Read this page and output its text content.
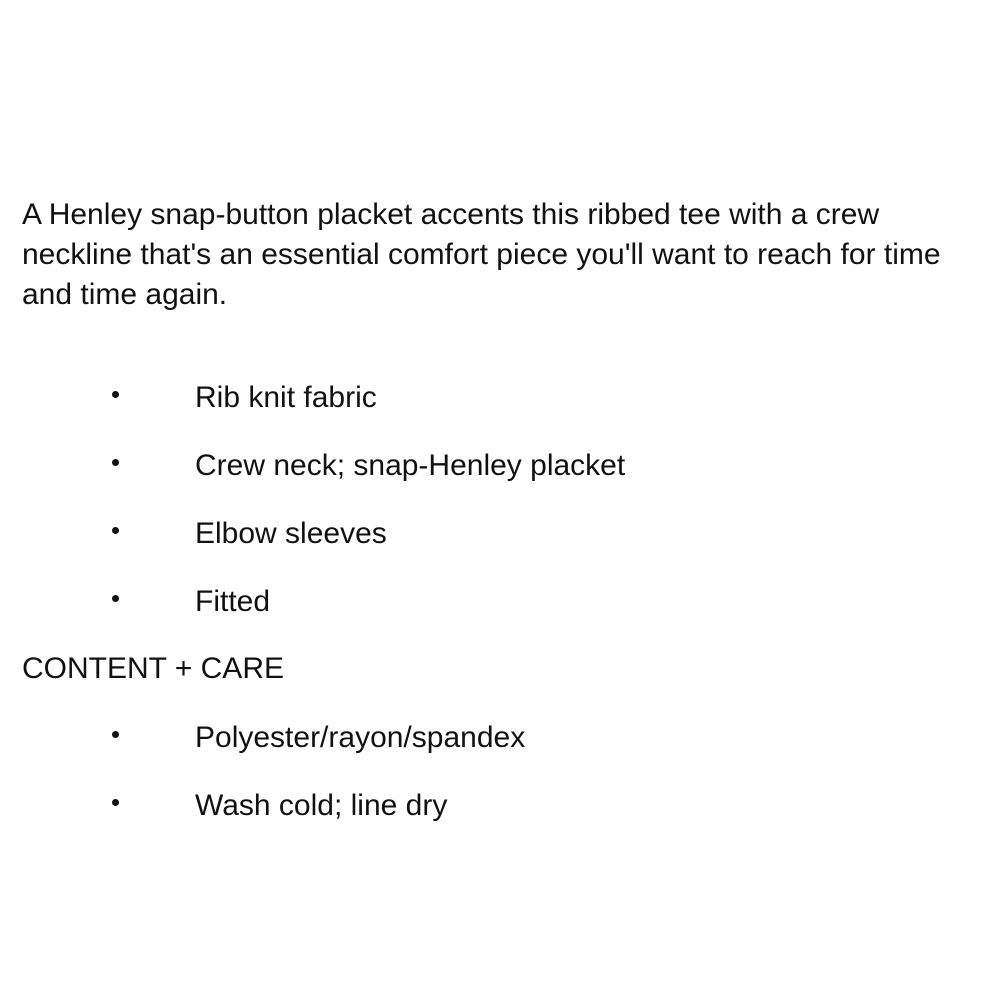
A Henley snap-button placket accents this ribbed tee with a crew neckline that's an essential comfort piece you'll want to reach for time and time again.

Rib knit fabric
Crew neck; snap-Henley placket
Elbow sleeves
Fitted
CONTENT + CARE
Polyester/rayon/spandex
Wash cold; line dry
